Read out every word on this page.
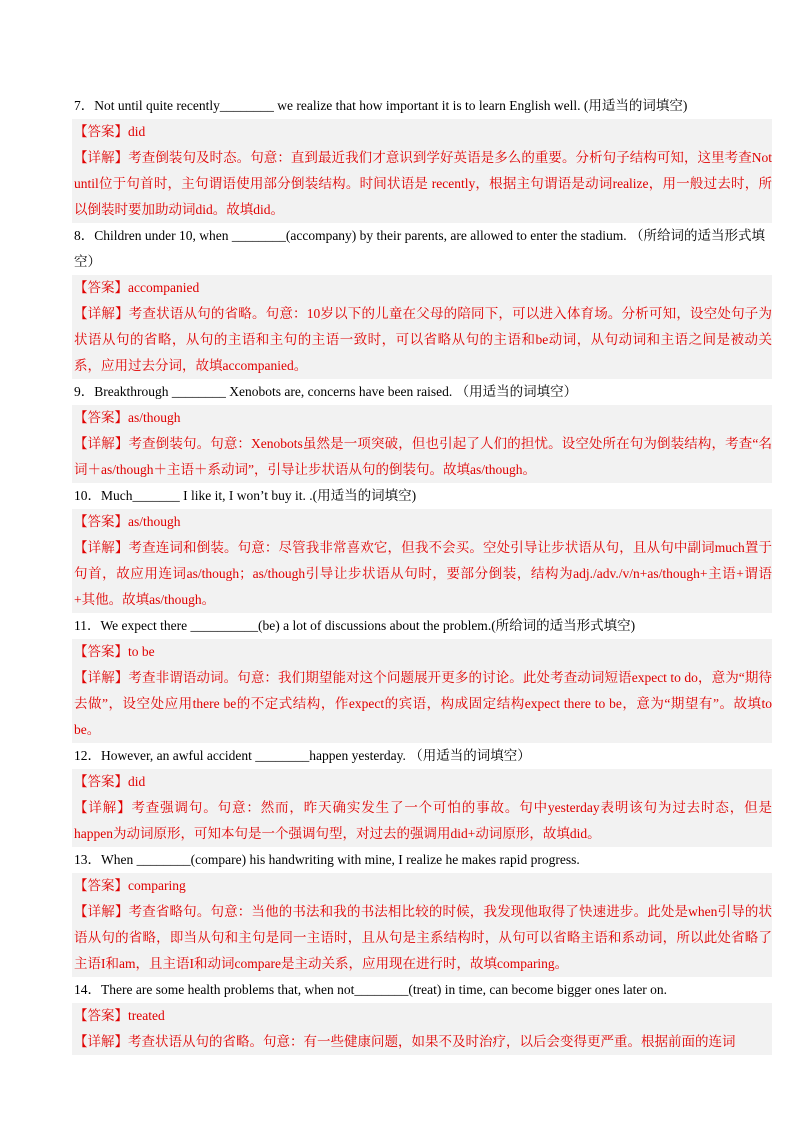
7．Not until quite recently________ we realize that how important it is to learn English well. (用适当的词填空)

【答案】did

【详解】考查倒装句及时态。句意：直到最近我们才意识到学好英语是多么的重要。分析句子结构可知，这里考查Not until位于句首时，主句谓语使用部分倒装结构。时间状语是 recently，根据主句谓语是动词realize，用一般过去时，所以倒装时要加助动词did。故填did。

8．Children under 10, when ________(accompany) by their parents, are allowed to enter the stadium. （所给词的适当形式填空）

【答案】accompanied

【详解】考查状语从句的省略。句意：10岁以下的儿童在父母的陪同下，可以进入体育场。分析可知，设空处句子为状语从句的省略，从句的主语和主句的主语一致时，可以省略从句的主语和be动词，从句动词和主语之间是被动关系，应用过去分词，故填accompanied。

9．Breakthrough ________ Xenobots are, concerns have been raised. （用适当的词填空）

【答案】as/though

【详解】考查倒装句。句意：Xenobots虽然是一项突破，但也引起了人们的担忧。设空处所在句为倒装结构，考查“名词＋as/though＋主语＋系动词”，引导让步状语从句的倒装句。故填as/though。

10．Much_______ I like it, I won’t buy it. .(用适当的词填空)

【答案】as/though

【详解】考查连词和倒装。句意：尽管我非常喜欢它，但我不会买。空处引导让步状语从句，且从句中副词much置于句首，故应用连词as/though；as/though引导让步状语从句时，要部分倒装，结构为adj./adv./v/n+as/though+主语+谓语+其他。故填as/though。

11．We expect there __________(be) a lot of discussions about the problem.(所给词的适当形式填空)

【答案】to be

【详解】考查非谓语动词。句意：我们期望能对这个问题展开更多的讨论。此处考查动词短语expect to do，意为“期待去做”，设空处应用there be的不定式结构，作expect的宾语，构成固定结构expect there to be，意为“期望有”。故填to be。

12．However, an awful accident ________happen yesterday. （用适当的词填空）

【答案】did

【详解】考查强调句。句意：然而，昨天确实发生了一个可怕的事故。句中yesterday表明该句为过去时态，但是happen为动词原形，可知本句是一个强调句型，对过去的强调用did+动词原形，故填did。

13．When ________(compare) his handwriting with mine, I realize he makes rapid progress.

【答案】comparing

【详解】考查省略句。句意：当他的书法和我的书法相比较的时候，我发现他取得了快速进步。此处是when引导的状语从句的省略，即当从句和主句是同一主语时，且从句是主系结构时，从句可以省略主语和系动词，所以此处省略了主语I和am，且主语I和动词compare是主动关系，应用现在进行时，故填comparing。

14．There are some health problems that, when not________(treat) in time, can become bigger ones later on.

【答案】treated

【详解】考查状语从句的省略。句意：有一些健康问题，如果不及时治疗，以后会变得更严重。根据前面的连词
